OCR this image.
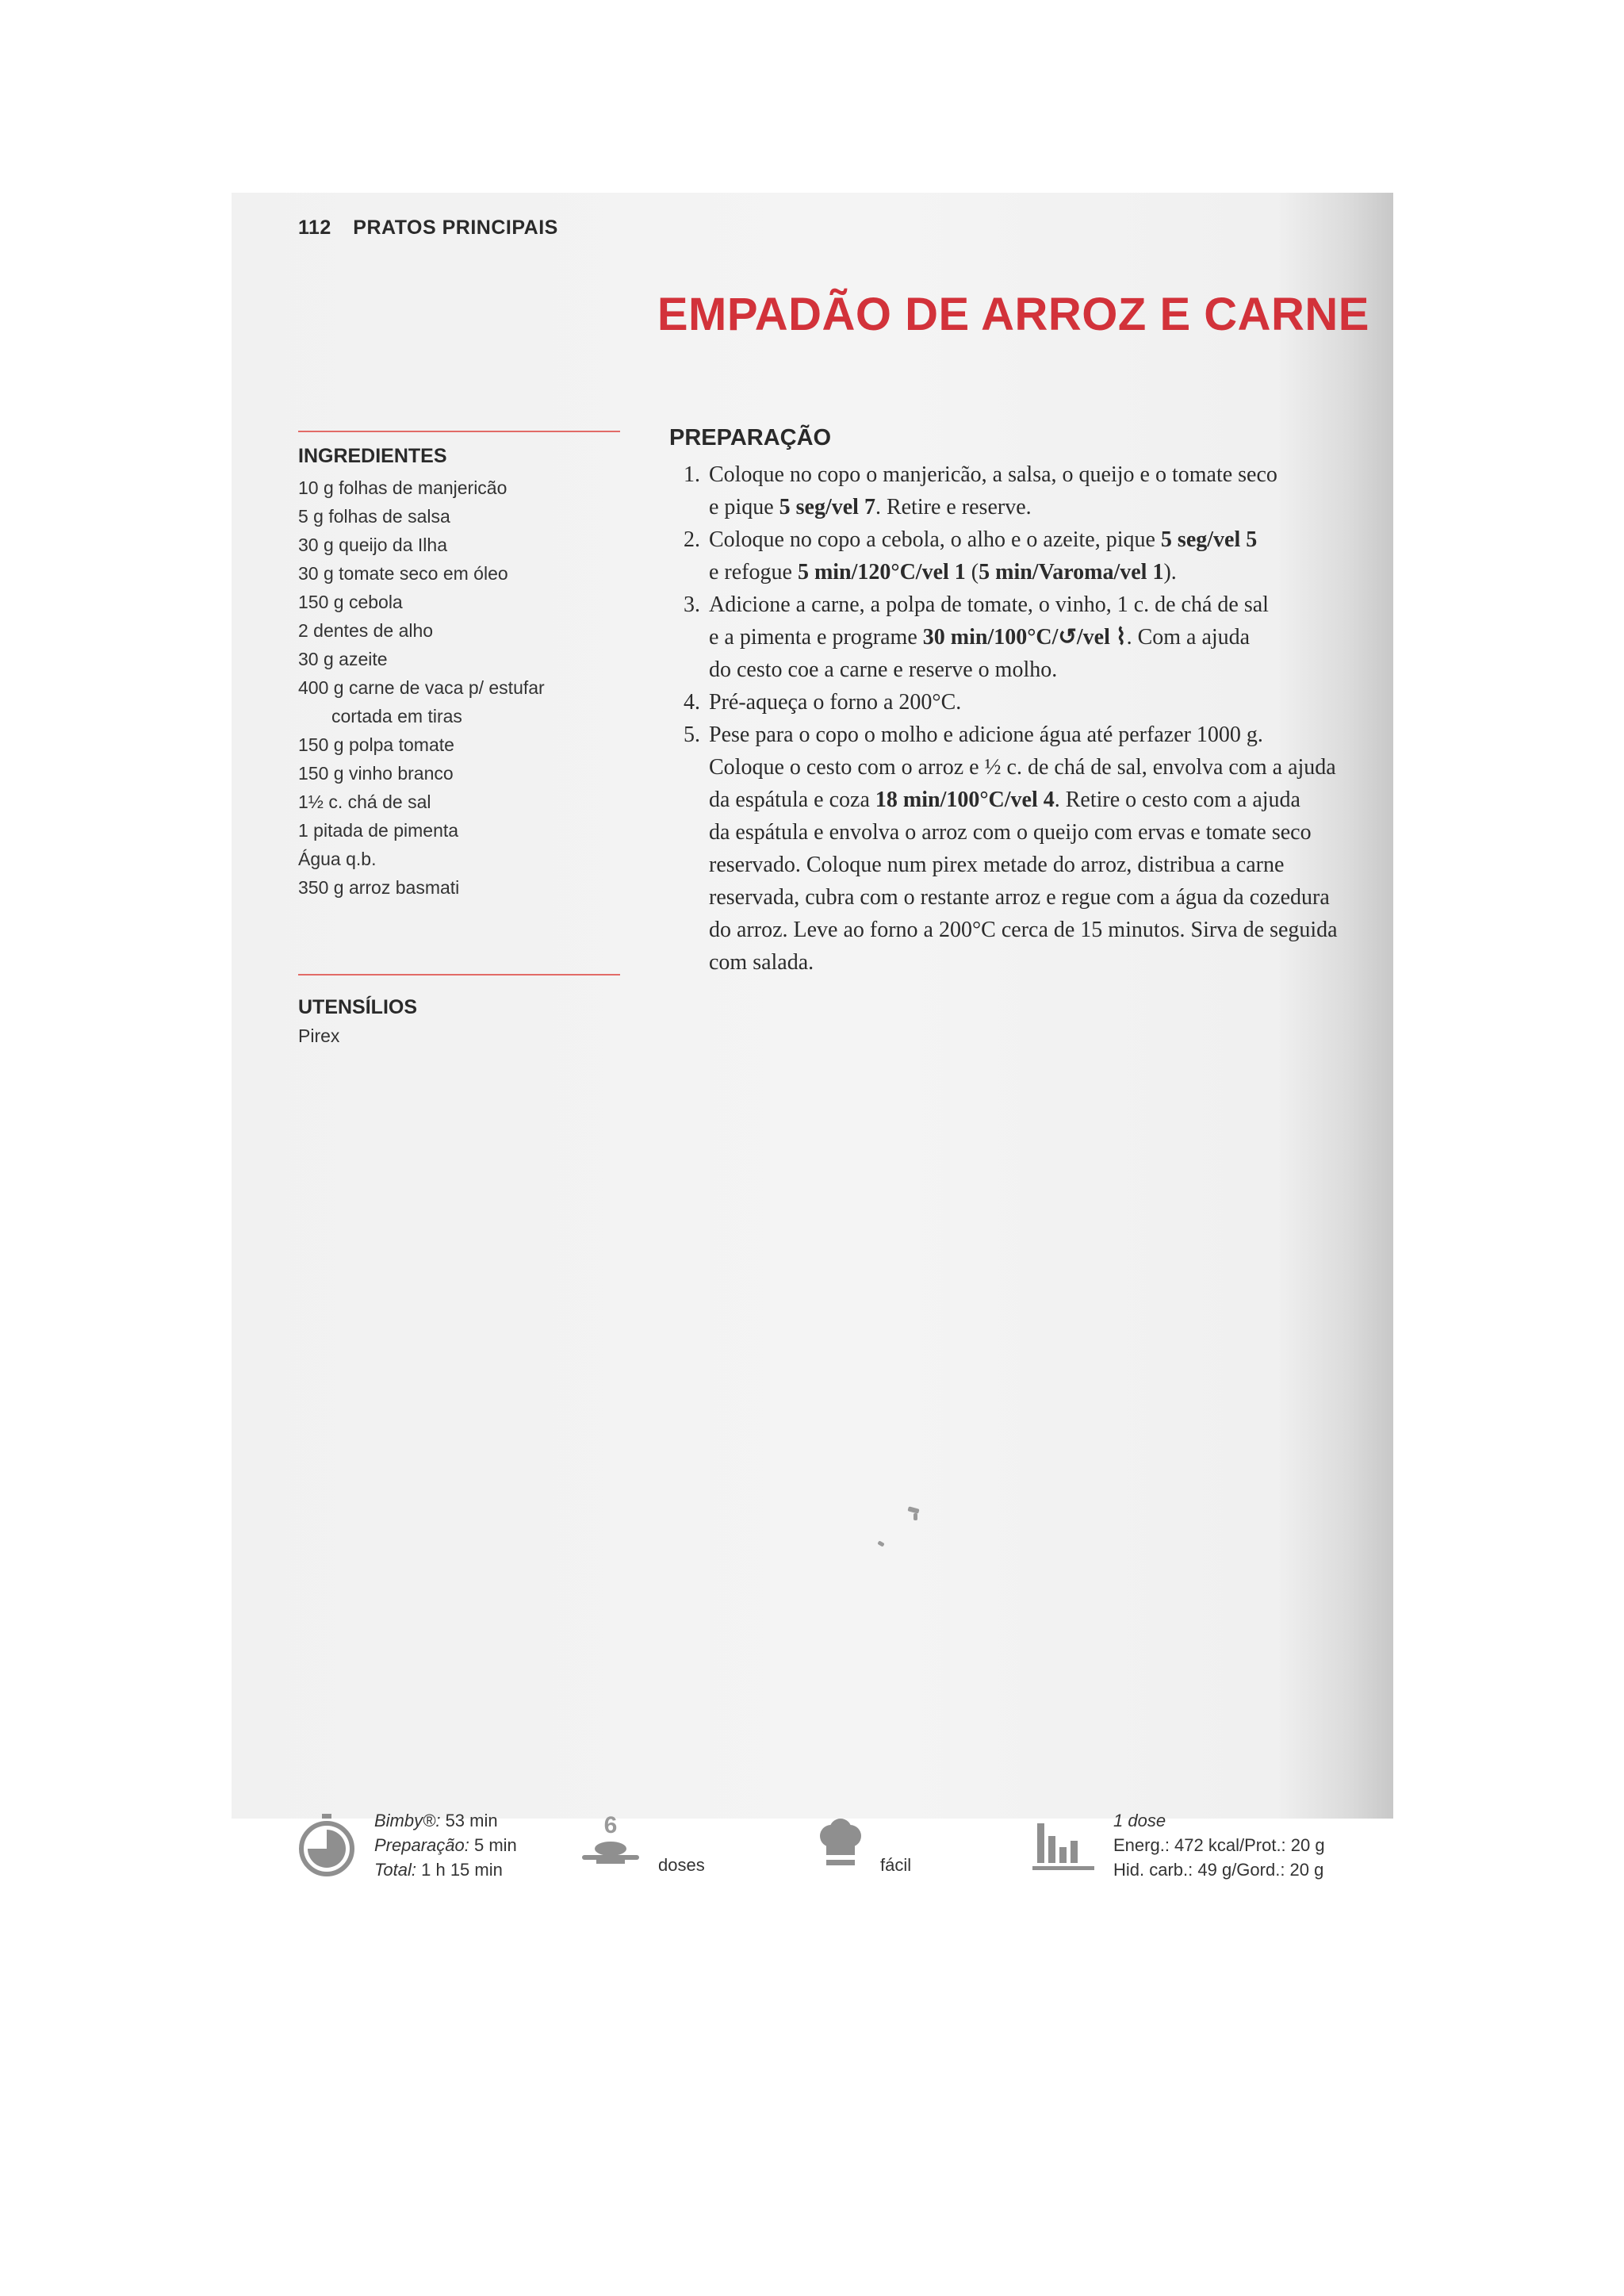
112 PRATOS PRINCIPAIS
EMPADÃO DE ARROZ E CARNE
INGREDIENTES
10 g folhas de manjericão
5 g folhas de salsa
30 g queijo da Ilha
30 g tomate seco em óleo
150 g cebola
2 dentes de alho
30 g azeite
400 g carne de vaca p/ estufar
cortada em tiras
150 g polpa tomate
150 g vinho branco
1½ c. chá de sal
1 pitada de pimenta
Água q.b.
350 g arroz basmati
UTENSÍLIOS
Pirex
PREPARAÇÃO
1. Coloque no copo o manjericão, a salsa, o queijo e o tomate seco
e pique 5 seg/vel 7. Retire e reserve.
2. Coloque no copo a cebola, o alho e o azeite, pique 5 seg/vel 5
e refogue 5 min/120°C/vel 1 (5 min/Varoma/vel 1).
3. Adicione a carne, a polpa de tomate, o vinho, 1 c. de chá de sal
e a pimenta e programe 30 min/100°C/↺/vel ⌇. Com a ajuda
do cesto coe a carne e reserve o molho.
4. Pré-aqueça o forno a 200°C.
5. Pese para o copo o molho e adicione água até perfazer 1000 g.
Coloque o cesto com o arroz e ½ c. de chá de sal, envolva com a ajuda
da espátula e coza 18 min/100°C/vel 4. Retire o cesto com a ajuda
da espátula e envolva o arroz com o queijo com ervas e tomate seco
reservado. Coloque num pirex metade do arroz, distribua a carne
reservada, cubra com o restante arroz e regue com a água da cozedura
do arroz. Leve ao forno a 200°C cerca de 15 minutos. Sirva de seguida
com salada.
Bimby®: 53 min
Preparação: 5 min
Total: 1 h 15 min
6
doses	fácil
1 dose
Energ.: 472 kcal/Prot.: 20 g
Hid. carb.: 49 g/Gord.: 20 g
